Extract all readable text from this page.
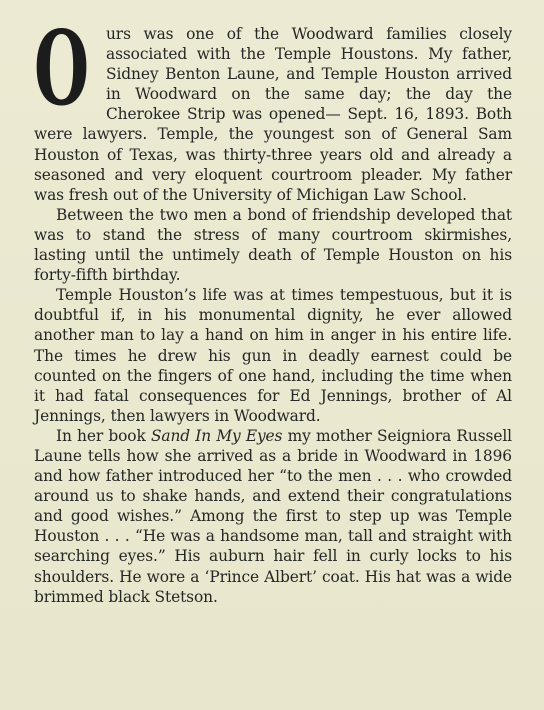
O urs was one of the Woodward families closely associated with the Temple Houstons. My father, Sidney Benton Laune, and Temple Houston arrived in Woodward on the same day; the day the Cherokee Strip was opened— Sept. 16, 1893. Both were lawyers. Temple, the youngest son of General Sam Houston of Texas, was thirty-three years old and already a seasoned and very eloquent courtroom pleader. My father was fresh out of the University of Michigan Law School.

Between the two men a bond of friendship developed that was to stand the stress of many courtroom skirmishes, lasting until the untimely death of Temple Houston on his forty-fifth birthday.

Temple Houston’s life was at times tempestuous, but it is doubtful if, in his monumental dignity, he ever allowed another man to lay a hand on him in anger in his entire life. The times he drew his gun in deadly earnest could be counted on the fingers of one hand, including the time when it had fatal consequences for Ed Jennings, brother of Al Jennings, then lawyers in Woodward.

In her book Sand In My Eyes my mother Seigniora Russell Laune tells how she arrived as a bride in Woodward in 1896 and how father introduced her “to the men . . . who crowded around us to shake hands, and extend their congratulations and good wishes.” Among the first to step up was Temple Houston . . . “He was a handsome man, tall and straight with searching eyes.” His auburn hair fell in curly locks to his shoulders. He wore a ‘Prince Albert’ coat. His hat was a wide brimmed black Stetson.
